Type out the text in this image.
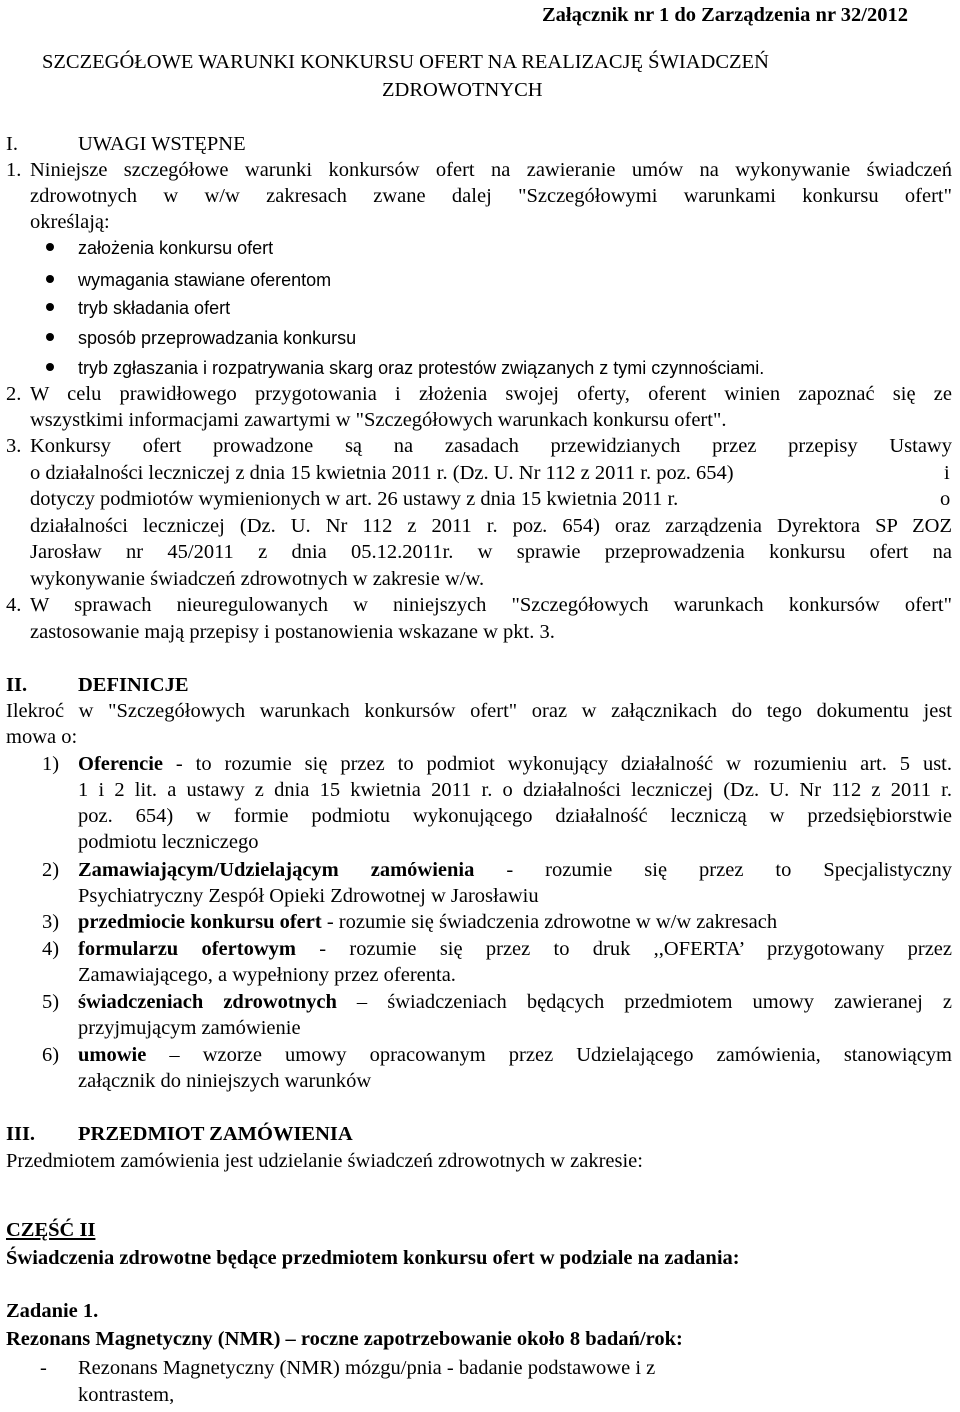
Załącznik nr 1 do Zarządzenia nr 32/2012
SZCZEGÓŁOWE WARUNKI KONKURSU OFERT NA REALIZACJĘ ŚWIADCZEŃ
ZDROWOTNYCH
I.	UWAGI WSTĘPNE
1. Niniejsze szczegółowe warunki konkursów ofert na zawieranie umów na wykonywanie świadczeń
zdrowotnych w w/w zakresach zwane dalej "Szczegółowymi warunkami konkursu ofert"
określają:
założenia konkursu ofert
wymagania stawiane oferentom
tryb składania ofert
sposób przeprowadzania konkursu
tryb zgłaszania i rozpatrywania skarg oraz protestów związanych z tymi czynnościami.
2. W celu prawidłowego przygotowania i złożenia swojej oferty, oferent winien zapoznać się ze
wszystkimi informacjami zawartymi w "Szczegółowych warunkach konkursu ofert".
3. Konkursy ofert prowadzone są na zasadach przewidzianych przez przepisy Ustawy
o działalności leczniczej z dnia 15 kwietnia 2011 r. (Dz. U. Nr 112 z 2011 r. poz. 654)	i
dotyczy podmiotów wymienionych w art. 26 ustawy z dnia 15 kwietnia 2011 r.	o
działalności leczniczej (Dz. U. Nr 112 z 2011 r. poz. 654) oraz zarządzenia Dyrektora SP ZOZ
Jarosław nr 45/2011 z dnia 05.12.2011r. w sprawie przeprowadzenia konkursu ofert na
wykonywanie świadczeń zdrowotnych w zakresie w/w.
4. W sprawach nieuregulowanych w niniejszych "Szczegółowych warunkach konkursów ofert"
zastosowanie mają przepisy i postanowienia wskazane w pkt. 3.
II. DEFINICJE
Ilekroć w "Szczegółowych warunkach konkursów ofert" oraz w załącznikach do tego dokumentu jest
mowa o:
1) Oferencie - to rozumie się przez to podmiot wykonujący działalność w rozumieniu art. 5 ust.
1 i 2 lit. a ustawy z dnia 15 kwietnia 2011 r. o działalności leczniczej (Dz. U. Nr 112 z 2011 r.
poz. 654) w formie podmiotu wykonującego działalność leczniczą w przedsiębiorstwie
podmiotu leczniczego
2) Zamawiającym/Udzielającym zamówienia - rozumie się przez to Specjalistyczny
Psychiatryczny Zespół Opieki Zdrowotnej w Jarosławiu
3) przedmiocie konkursu ofert - rozumie się świadczenia zdrowotne w w/w zakresach
4) formularzu ofertowym - rozumie się przez to druk ,,OFERTA’ przygotowany przez
Zamawiającego, a wypełniony przez oferenta.
5) świadczeniach zdrowotnych – świadczeniach będących przedmiotem umowy zawieranej z
przyjmującym zamówienie
6) umowie – wzorze umowy opracowanym przez Udzielającego zamówienia, stanowiącym
załącznik do niniejszych warunków
III. PRZEDMIOT ZAMÓWIENIA
Przedmiotem zamówienia jest udzielanie świadczeń zdrowotnych w zakresie:
CZĘŚĆ II
Świadczenia zdrowotne będące przedmiotem konkursu ofert w podziale na zadania:
Zadanie 1.
Rezonans Magnetyczny (NMR) – roczne zapotrzebowanie około 8 badań/rok:
- Rezonans Magnetyczny (NMR) mózgu/pnia - badanie podstawowe i z
kontrastem,
